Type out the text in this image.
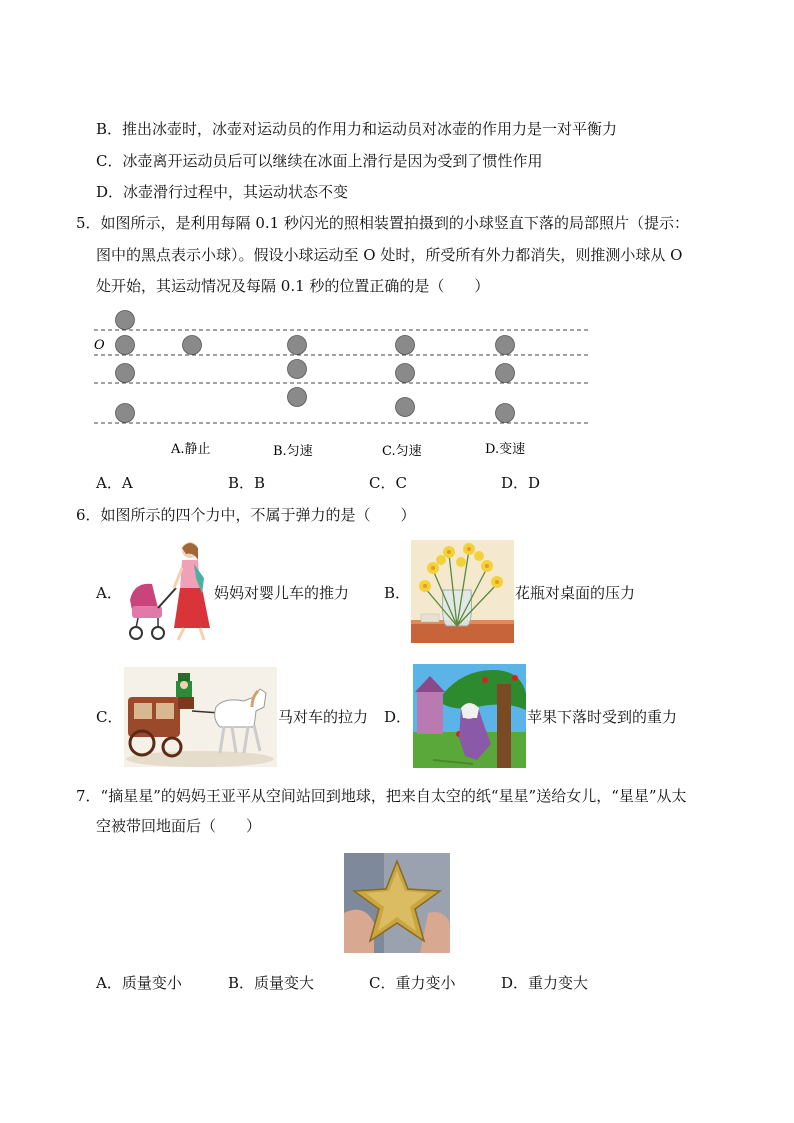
B．推出冰壶时，冰壶对运动员的作用力和运动员对冰壶的作用力是一对平衡力
C．冰壶离开运动员后可以继续在冰面上滑行是因为受到了惯性作用
D．冰壶滑行过程中，其运动状态不变
5．如图所示，是利用每隔 0.1 秒闪光的照相装置拍摄到的小球竖直下落的局部照片（提示：
图中的黑点表示小球）。假设小球运动至 O 处时，所受所有外力都消失，则推测小球从 O
处开始，其运动情况及每隔 0.1 秒的位置正确的是（　　）
O
A.静止	B.匀速	C.匀速	D.变速
A．A	B．B	C．C	D．D
6．如图所示的四个力中，不属于弹力的是（　　）
A．	妈妈对婴儿车的推力 B．	花瓶对桌面的压力
C．	马对车的拉力 D．	苹果下落时受到的重力
7．“摘星星”的妈妈王亚平从空间站回到地球，把来自太空的纸“星星”送给女儿，“星星”从太
空被带回地面后（　　）
A．质量变小	B．质量变大	C．重力变小	D．重力变大
